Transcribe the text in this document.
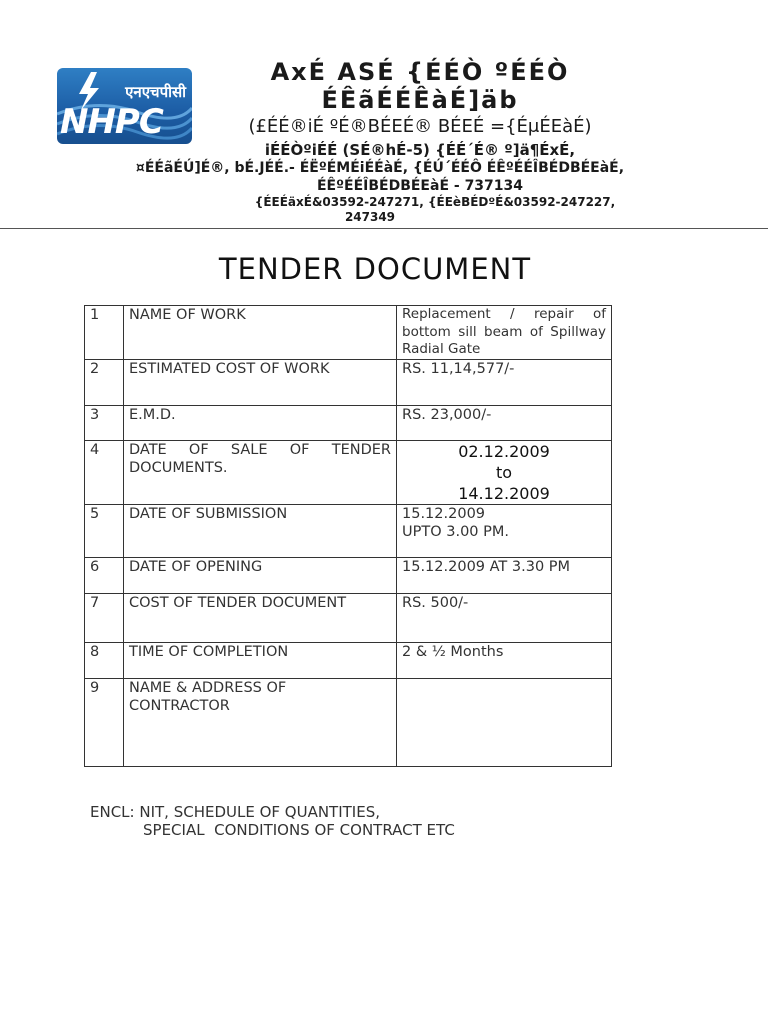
एनएचपीसी
NHPC
AxÉ ASÉ {ÉÉÒ ºÉÉÒ
ÉÊãÉÉÊàÉ]äb
(£ÉÉ®iÉ ºÉ®BÉEÉ® BÉEÉ ={ÉμÉEàÉ)
iÉÉÒºiÉÉ (SÉ®hÉ-5) {ÉÉ´É® º]ä¶ÉxÉ,
¤ÉÉãÉÚ]É®, bÉ.JÉÉ.- ÉËºÉMÉiÉÉàÉ, {ÉÚ´ÉÉÔ ÉÊºÉÉÎBÉDBÉEàÉ,
ÉÊºÉÉÎBÉDBÉEàÉ - 737134
{ÉEÉäxÉ&03592-247271, {ÉEèBÉDºÉ&03592-247227,
247349
TENDER DOCUMENT
1	NAME OF WORK	Replacement / repair of bottom sill beam of Spillway Radial Gate

2	ESTIMATED COST OF WORK	RS. 11,14,577/-
3	E.M.D.	RS. 23,000/-
4	DATE OF SALE OF TENDER DOCUMENTS.	02.12.2009
to
14.12.2009

5	DATE OF SUBMISSION	15.12.2009
UPTO 3.00 PM.

6	DATE OF OPENING	15.12.2009 AT 3.30 PM
7	COST OF TENDER DOCUMENT	RS. 500/-
8	TIME OF COMPLETION	2 & ½ Months
9	NAME & ADDRESS OF
CONTRACTOR	

ENCL: NIT, SCHEDULE OF QUANTITIES,
SPECIAL  CONDITIONS OF CONTRACT ETC
